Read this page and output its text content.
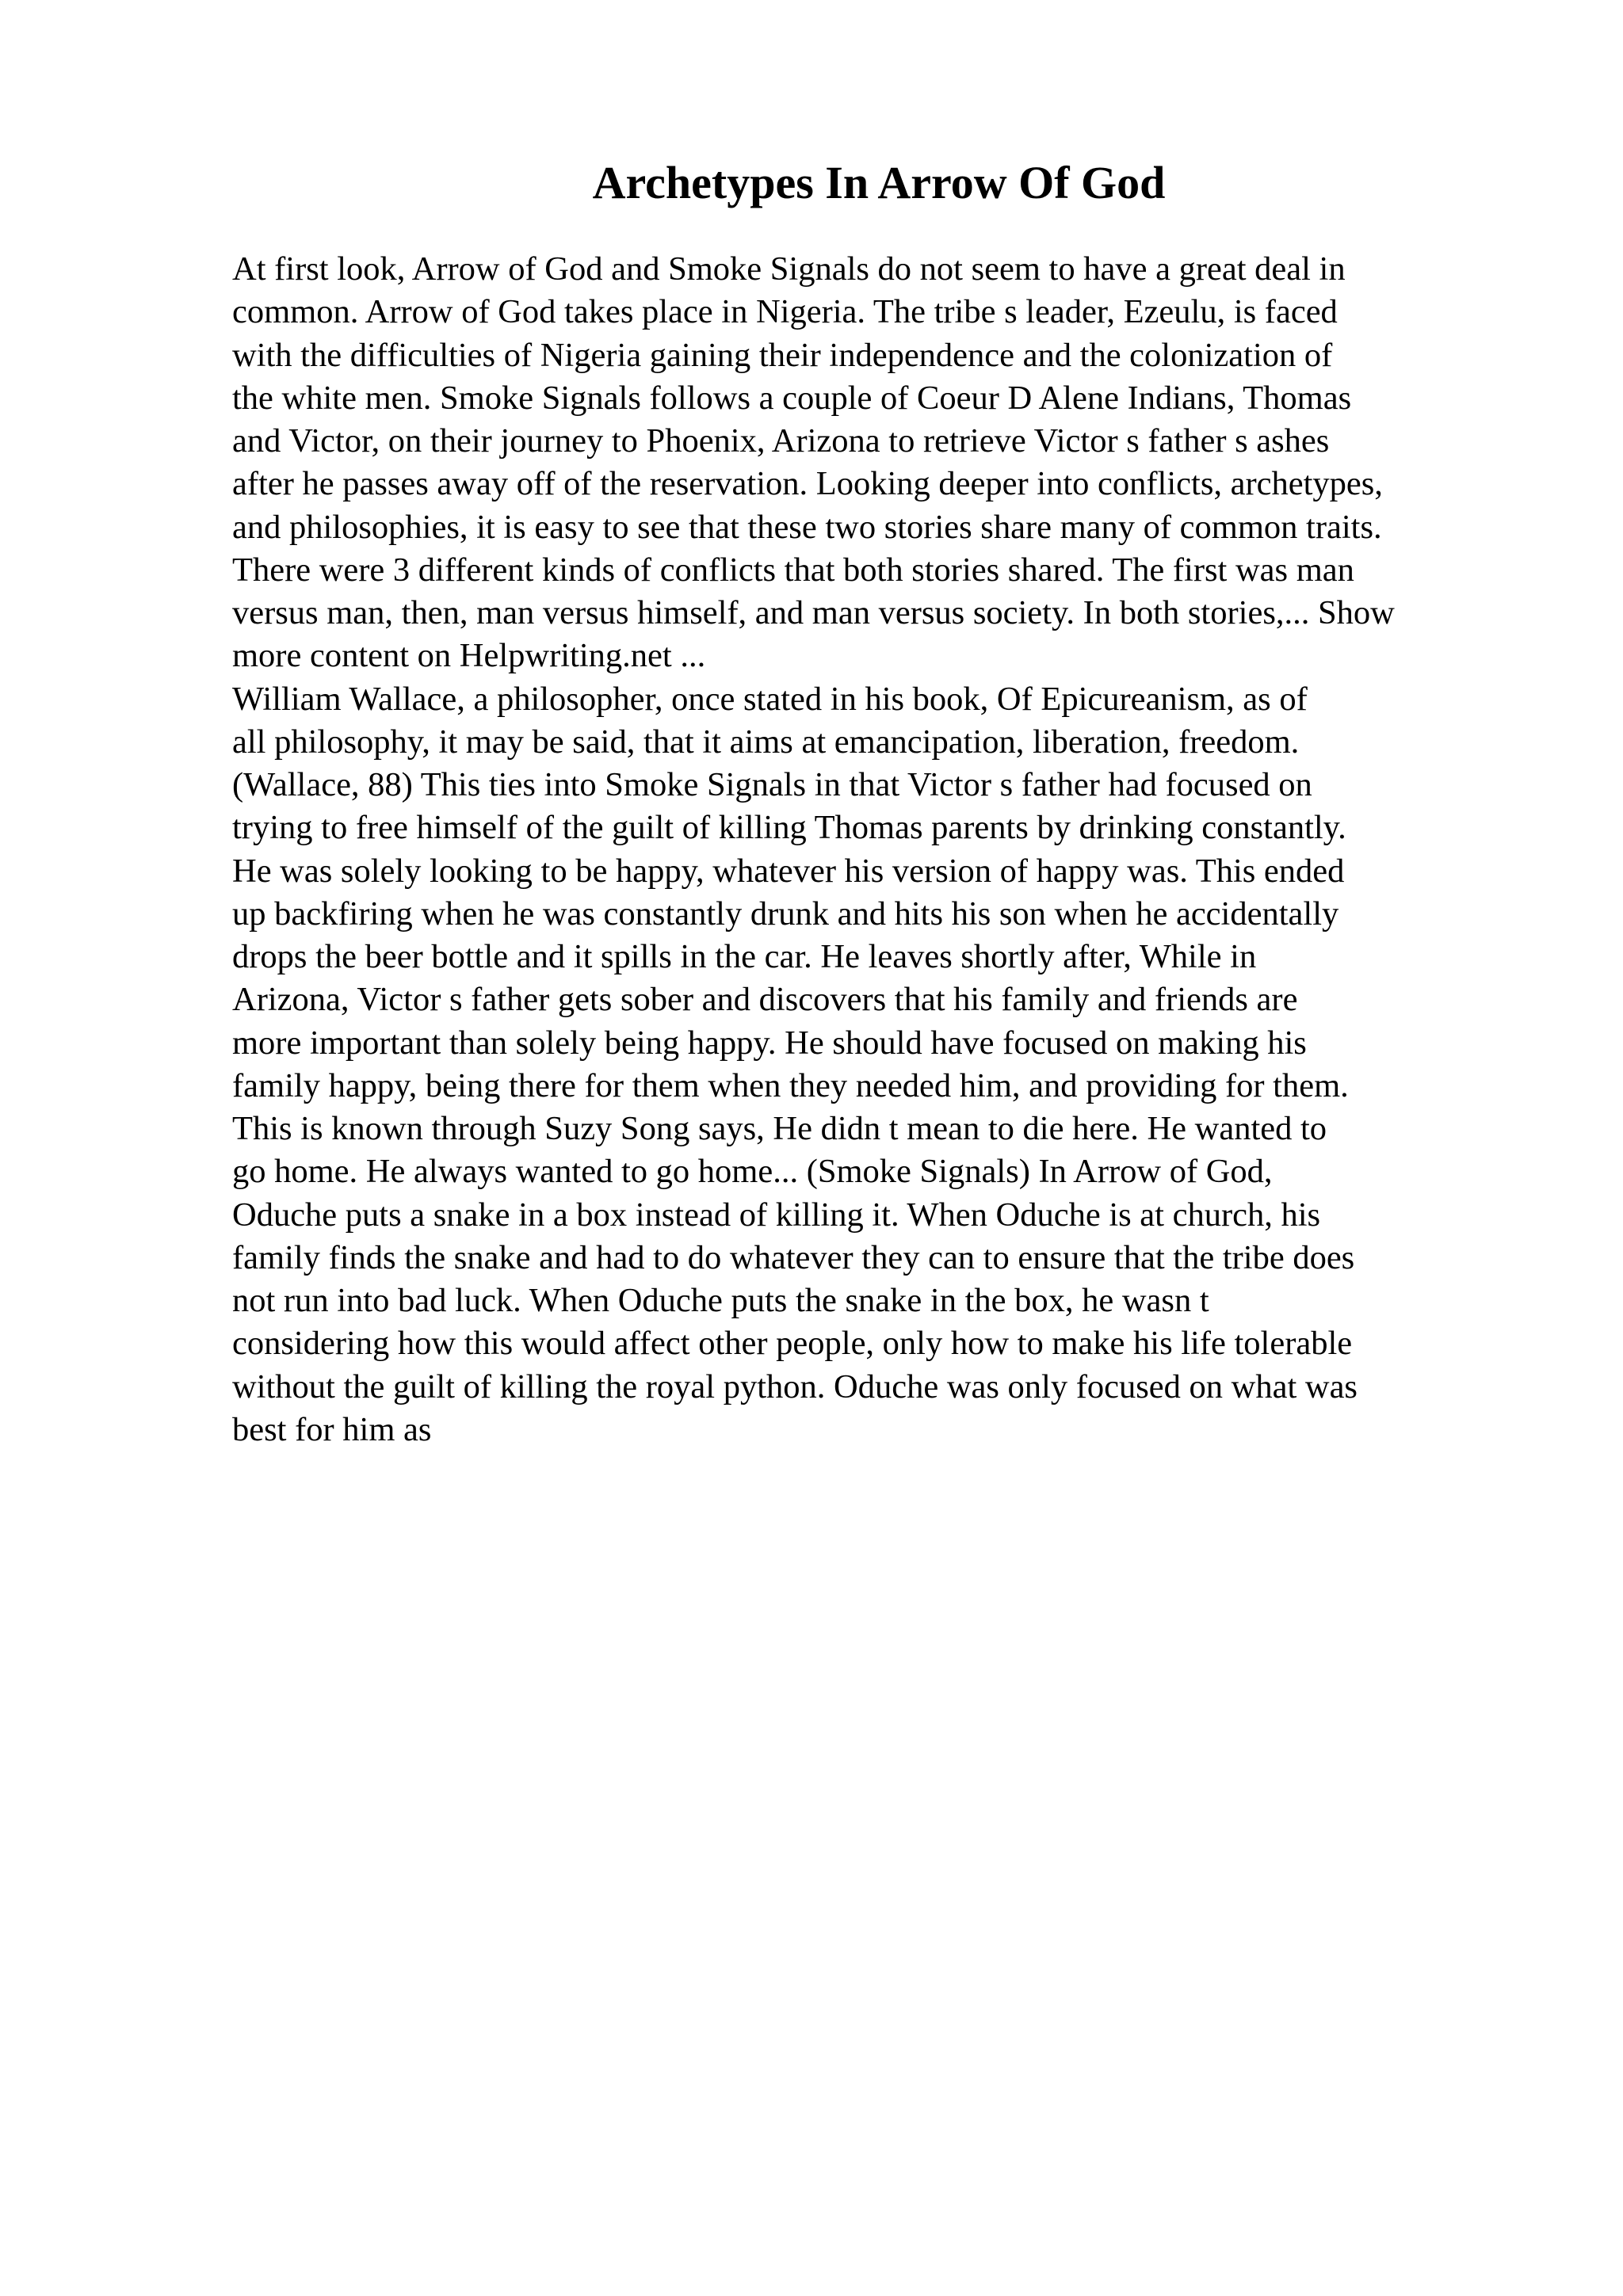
Archetypes In Arrow Of God
At first look, Arrow of God and Smoke Signals do not seem to have a great deal in
common. Arrow of God takes place in Nigeria. The tribe s leader, Ezeulu, is faced
with the difficulties of Nigeria gaining their independence and the colonization of
the white men. Smoke Signals follows a couple of Coeur D Alene Indians, Thomas
and Victor, on their journey to Phoenix, Arizona to retrieve Victor s father s ashes
after he passes away off of the reservation. Looking deeper into conflicts, archetypes,
and philosophies, it is easy to see that these two stories share many of common traits.
There were 3 different kinds of conflicts that both stories shared. The first was man
versus man, then, man versus himself, and man versus society. In both stories,... Show
more content on Helpwriting.net ...
William Wallace, a philosopher, once stated in his book, Of Epicureanism, as of
all philosophy, it may be said, that it aims at emancipation, liberation, freedom.
(Wallace, 88) This ties into Smoke Signals in that Victor s father had focused on
trying to free himself of the guilt of killing Thomas parents by drinking constantly.
He was solely looking to be happy, whatever his version of happy was. This ended
up backfiring when he was constantly drunk and hits his son when he accidentally
drops the beer bottle and it spills in the car. He leaves shortly after, While in
Arizona, Victor s father gets sober and discovers that his family and friends are
more important than solely being happy. He should have focused on making his
family happy, being there for them when they needed him, and providing for them.
This is known through Suzy Song says, He didn t mean to die here. He wanted to
go home. He always wanted to go home... (Smoke Signals) In Arrow of God,
Oduche puts a snake in a box instead of killing it. When Oduche is at church, his
family finds the snake and had to do whatever they can to ensure that the tribe does
not run into bad luck. When Oduche puts the snake in the box, he wasn t
considering how this would affect other people, only how to make his life tolerable
without the guilt of killing the royal python. Oduche was only focused on what was
best for him as
